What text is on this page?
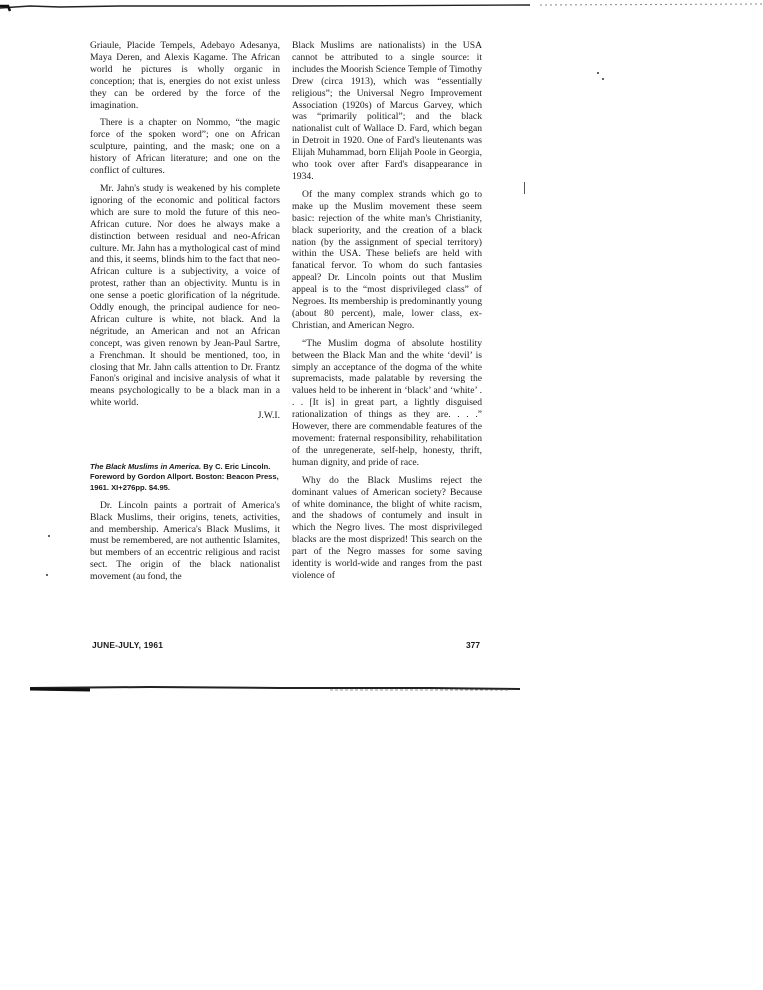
Griaule, Placide Tempels, Adebayo Adesanya, Maya Deren, and Alexis Kagame. The African world he pictures is wholly organic in conception; that is, energies do not exist unless they can be ordered by the force of the imagination.

There is a chapter on Nommo, “the magic force of the spoken word”; one on African sculpture, painting, and the mask; one on a history of African literature; and one on the conflict of cultures.

Mr. Jahn's study is weakened by his complete ignoring of the economic and political factors which are sure to mold the future of this neo-African cuture. Nor does he always make a distinction between residual and neo-African culture. Mr. Jahn has a mythological cast of mind and this, it seems, blinds him to the fact that neo-African culture is a subjectivity, a voice of protest, rather than an objectivity. Muntu is in one sense a poetic glorification of la négritude. Oddly enough, the principal audience for neo-African culture is white, not black. And la négritude, an American and not an African concept, was given renown by Jean-Paul Sartre, a Frenchman. It should be mentioned, too, in closing that Mr. Jahn calls attention to Dr. Frantz Fanon's original and incisive analysis of what it means psychologically to be a black man in a white world.

J.W.I.
The Black Muslims in America. By C. Eric Lincoln. Foreword by Gordon Allport. Boston: Beacon Press, 1961. XI+276pp. $4.95.

Dr. Lincoln paints a portrait of America's Black Muslims, their origins, tenets, activities, and membership. America's Black Muslims, it must be remembered, are not authentic Islamites, but members of an eccentric religious and racist sect. The origin of the black nationalist movement (au fond, the

Black Muslims are nationalists) in the USA cannot be attributed to a single source: it includes the Moorish Science Temple of Timothy Drew (circa 1913), which was “essentially religious”; the Universal Negro Improvement Association (1920s) of Marcus Garvey, which was “primarily political”; and the black nationalist cult of Wallace D. Fard, which began in Detroit in 1920. One of Fard's lieutenants was Elijah Muhammad, born Elijah Poole in Georgia, who took over after Fard's disappearance in 1934.

Of the many complex strands which go to make up the Muslim movement these seem basic: rejection of the white man's Christianity, black superiority, and the creation of a black nation (by the assignment of special territory) within the USA. These beliefs are held with fanatical fervor. To whom do such fantasies appeal? Dr. Lincoln points out that Muslim appeal is to the “most disprivileged class” of Negroes. Its membership is predominantly young (about 80 percent), male, lower class, ex-Christian, and American Negro.

“The Muslim dogma of absolute hostility between the Black Man and the white ‘devil’ is simply an acceptance of the dogma of the white supremacists, made palatable by reversing the values held to be inherent in ‘black’ and ‘white’ . . . [It is] in great part, a lightly disguised rationalization of things as they are. . . .” However, there are commendable features of the movement: fraternal responsibility, rehabilitation of the unregenerate, self-help, honesty, thrift, human dignity, and pride of race.

Why do the Black Muslims reject the dominant values of American society? Because of white dominance, the blight of white racism, and the shadows of contumely and insult in which the Negro lives. The most disprivileged blacks are the most disprized! This search on the part of the Negro masses for some saving identity is world-wide and ranges from the past violence of

JUNE-JULY, 1961	377
